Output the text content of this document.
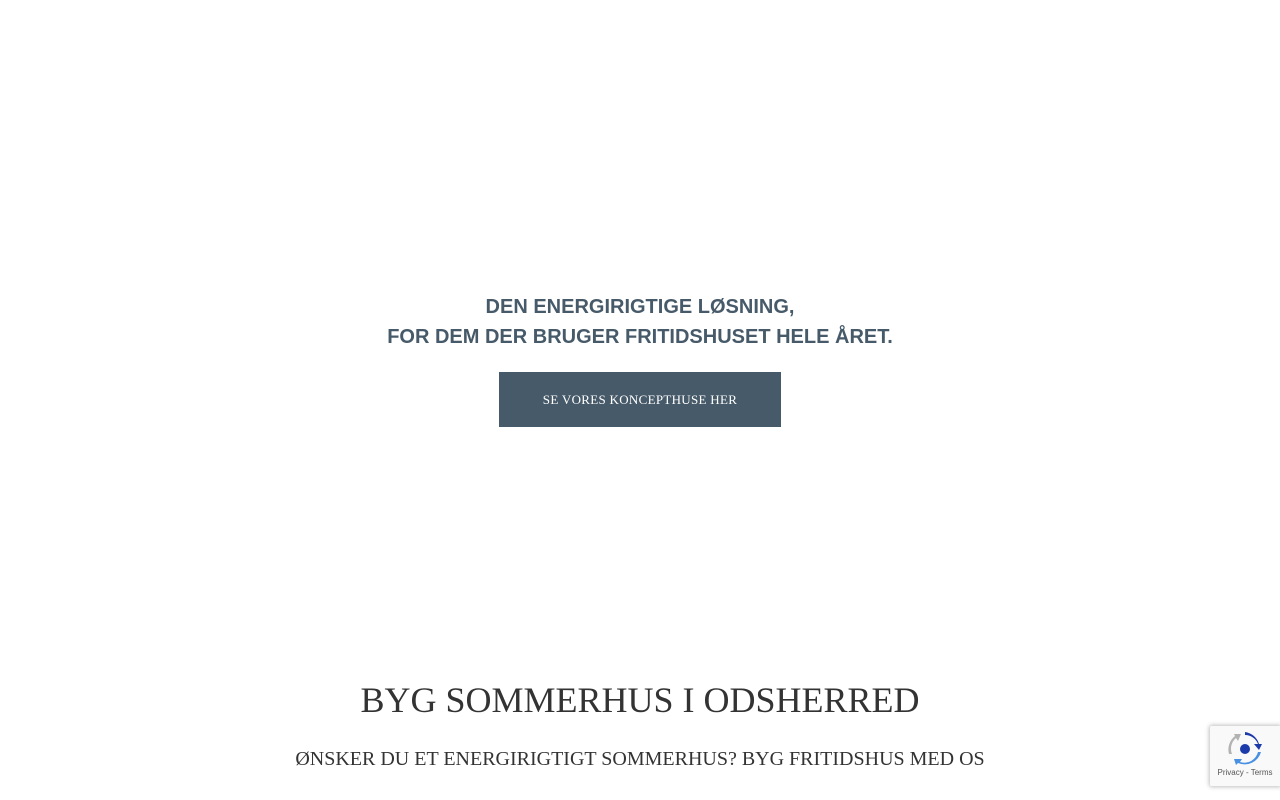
DEN ENERGIRIGTIGE LØSNING,
FOR DEM DER BRUGER FRITIDSHUSET HELE ÅRET.
SE VORES KONCEPTHUSE HER
BYG SOMMERHUS I ODSHERRED
ØNSKER DU ET ENERGIRIGTIGT SOMMERHUS? BYG FRITIDSHUS MED OS
Privacy - Terms
